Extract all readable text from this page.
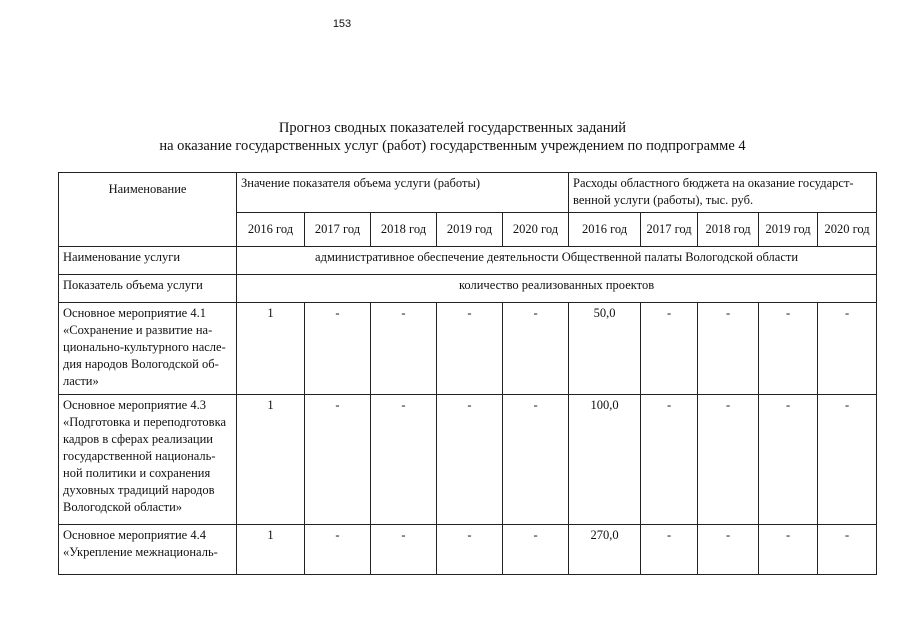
153
Прогноз сводных показателей государственных заданий
на оказание государственных услуг (работ) государственным учреждением по подпрограмме 4
Наименование	Значение показателя объема услуги (работы)					Расходы областного бюджета на оказание государст-венной услуги (работы), тыс. руб.				
	2016 год	2017 год	2018 год	2019 год	2020 год	2016 год	2017 год	2018 год	2019 год	2020 год
Наименование услуги	административное обеспечение деятельности Общественной палаты Вологодской области									
Показатель объема услуги	количество реализованных проектов									
Основное мероприятие 4.1 «Сохранение и развитие на-ционально-культурного насле-дия народов Вологодской об-ласти»	1	-	-	-	-	50,0	-	-	-	-
Основное мероприятие 4.3 «Подготовка и переподготовка кадров в сферах реализации государственной националь-ной политики и сохранения духовных традиций народов Вологодской области»	1	-	-	-	-	100,0	-	-	-	-
Основное мероприятие 4.4 «Укрепление межнациональ-	1	-	-	-	-	270,0	-	-	-	-
